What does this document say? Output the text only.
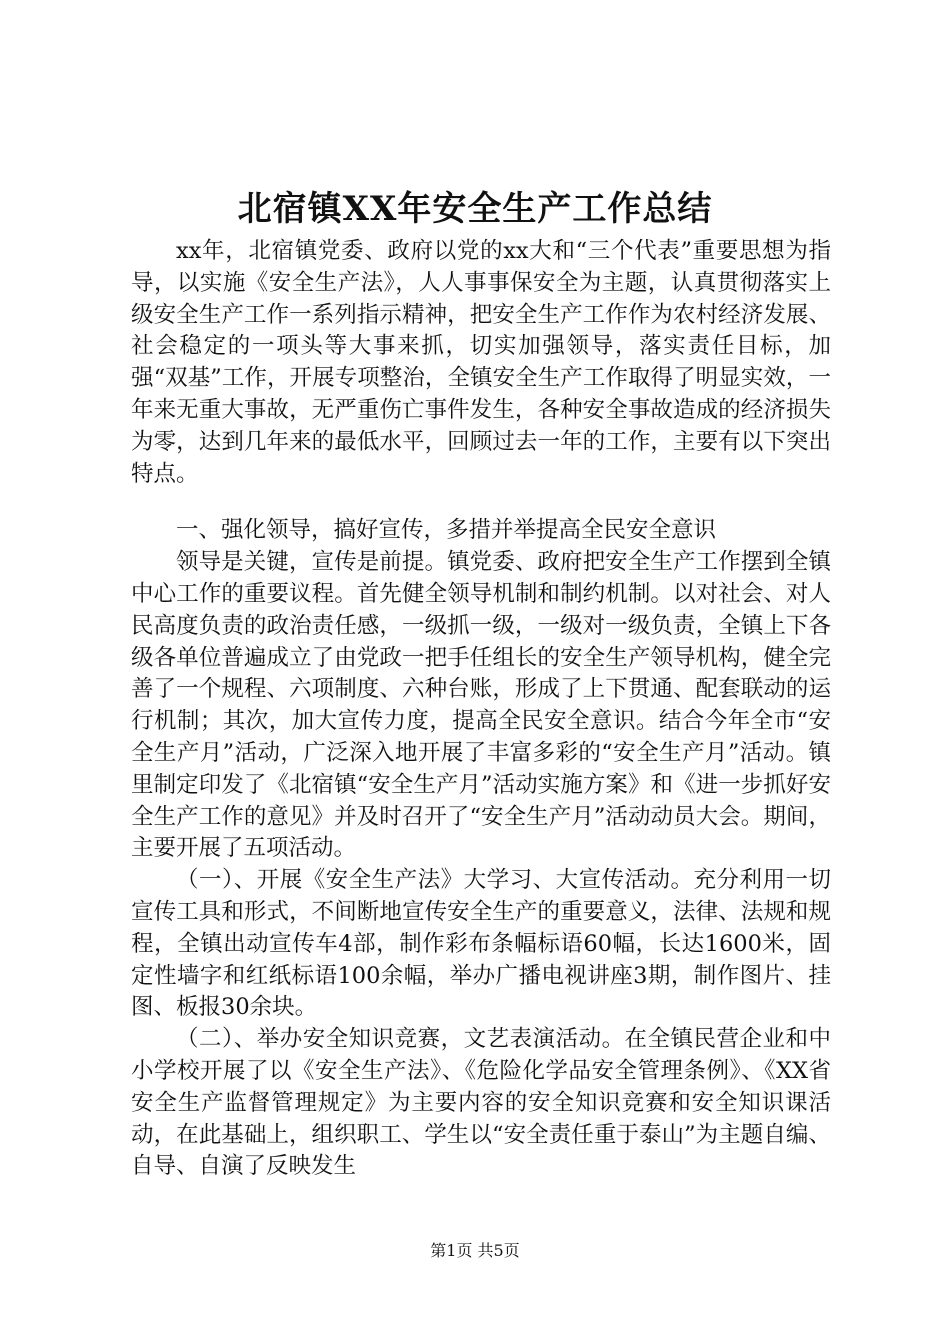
北宿镇XX年安全生产工作总结

xx年，北宿镇党委、政府以党的xx大和“三个代表”重要思想为指导，以实施《安全生产法》，人人事事保安全为主题，认真贯彻落实上级安全生产工作一系列指示精神，把安全生产工作作为农村经济发展、社会稳定的一项头等大事来抓，切实加强领导，落实责任目标，加强“双基”工作，开展专项整治，全镇安全生产工作取得了明显实效，一年来无重大事故，无严重伤亡事件发生，各种安全事故造成的经济损失为零，达到几年来的最低水平，回顾过去一年的工作，主要有以下突出特点。

一、强化领导，搞好宣传，多措并举提高全民安全意识

领导是关键，宣传是前提。镇党委、政府把安全生产工作摆到全镇中心工作的重要议程。首先健全领导机制和制约机制。以对社会、对人民高度负责的政治责任感，一级抓一级，一级对一级负责，全镇上下各级各单位普遍成立了由党政一把手任组长的安全生产领导机构，健全完善了一个规程、六项制度、六种台账，形成了上下贯通、配套联动的运行机制；其次，加大宣传力度，提高全民安全意识。结合今年全市“安全生产月”活动，广泛深入地开展了丰富多彩的“安全生产月”活动。镇里制定印发了《北宿镇“安全生产月”活动实施方案》和《进一步抓好安全生产工作的意见》并及时召开了“安全生产月”活动动员大会。期间，主要开展了五项活动。

（一）、开展《安全生产法》大学习、大宣传活动。充分利用一切宣传工具和形式，不间断地宣传安全生产的重要意义，法律、法规和规程，全镇出动宣传车4部，制作彩布条幅标语60幅，长达1600米，固定性墙字和红纸标语100余幅，举办广播电视讲座3期，制作图片、挂图、板报30余块。

（二）、举办安全知识竞赛，文艺表演活动。在全镇民营企业和中小学校开展了以《安全生产法》、《危险化学品安全管理条例》、《XX省安全生产监督管理规定》为主要内容的安全知识竞赛和安全知识课活动，在此基础上，组织职工、学生以“安全责任重于泰山”为主题自编、自导、自演了反映发生

第1页 共5页
